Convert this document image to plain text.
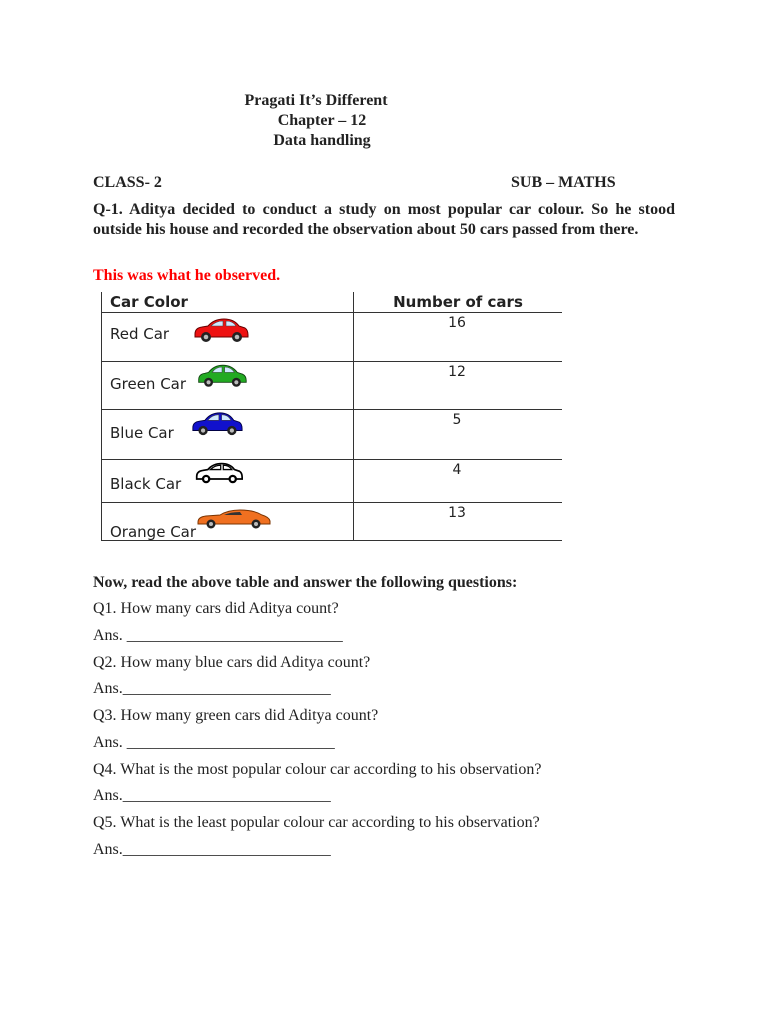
Pragati It’s Different
Chapter – 12
Data handling
CLASS- 2	SUB – MATHS
Q-1. Aditya decided to conduct a study on most popular car colour. So he stood outside his house and recorded the observation about 50 cars passed from there.
This was what he observed.
Car Color	Number of cars

Red Car	16

Green Car	12

Blue Car	5

Black Car	4

Orange Car	13
Now, read the above table and answer the following questions:
Q1. How many cars did Aditya count?
Ans. ___________________________
Q2. How many blue cars did Aditya count?
Ans.__________________________
Q3. How many green cars did Aditya count?
Ans. __________________________
Q4. What is the most popular colour car according to his observation?
Ans.__________________________
Q5. What is the least popular colour car according to his observation?
Ans.__________________________
